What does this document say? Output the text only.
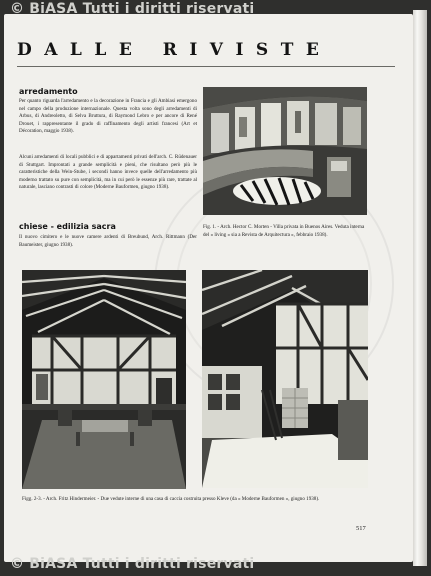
© BiASA Tutti i diritti riservati
© BiASA Tutti i diritti riservati
DALLE RIVISTE
arredamento

Per quanto riguarda l'arredamento e la decorazione in Francia e gli Ambiasi emergono nel campo della produzione internazionale. Questa volta sono degli arredamenti di Arbus, di Andreoletto, di Selva Bruttura, di Raymond Lebro e per ancore di René Drouet, i rappresentante il grado di raffinamento degli artisti francesi (Art et Décoration, maggio 1938).

Alcuni arredamenti di locali pubblici e di appartamenti privati dell'arch. C. Rüdenauer di Stuttgart. Improntati a grande semplicità e pieni, che risultano però più le caratteristiche della Wein-Stube, i secondi hanno invece quelle dell'arredamento più moderno trattato su pure con semplicità, ma in cui però le essenze più rare, trattate al naturale, lasciano contrasti di colore (Moderne Bauformen, giugno 1938).

chiese - edilizia sacra

Il nuovo cimitero e le nuove camere ardenti di Breubund, Arch. Rittmann (Der Baumeister, giugno 1938).

Fig. 1. - Arch. Hector C. Morten - Villa privata in Buenos Aires. Veduta interna del « living » sia a Revista de Arquitectura », febbraio 1938).
Figg. 2-3. - Arch. Fritz Hindermeier. - Due vedute interne di una casa di caccia costruita presso Kleve (da « Moderne Bauformen », giugno 1938).
517
